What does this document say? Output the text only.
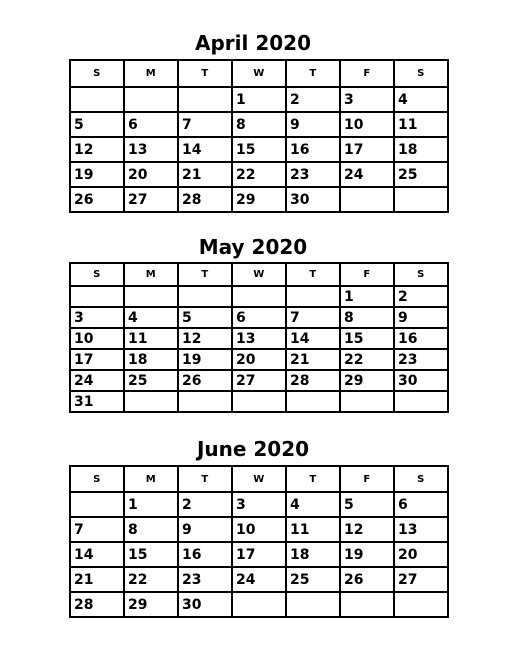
April 2020
S	M	T	W	T	F	S
			1	2	3	4
5	6	7	8	9	10	11
12	13	14	15	16	17	18
19	20	21	22	23	24	25
26	27	28	29	30		
May 2020
S	M	T	W	T	F	S
					1	2
3	4	5	6	7	8	9
10	11	12	13	14	15	16
17	18	19	20	21	22	23
24	25	26	27	28	29	30
31						
June 2020
S	M	T	W	T	F	S
	1	2	3	4	5	6
7	8	9	10	11	12	13
14	15	16	17	18	19	20
21	22	23	24	25	26	27
28	29	30				
